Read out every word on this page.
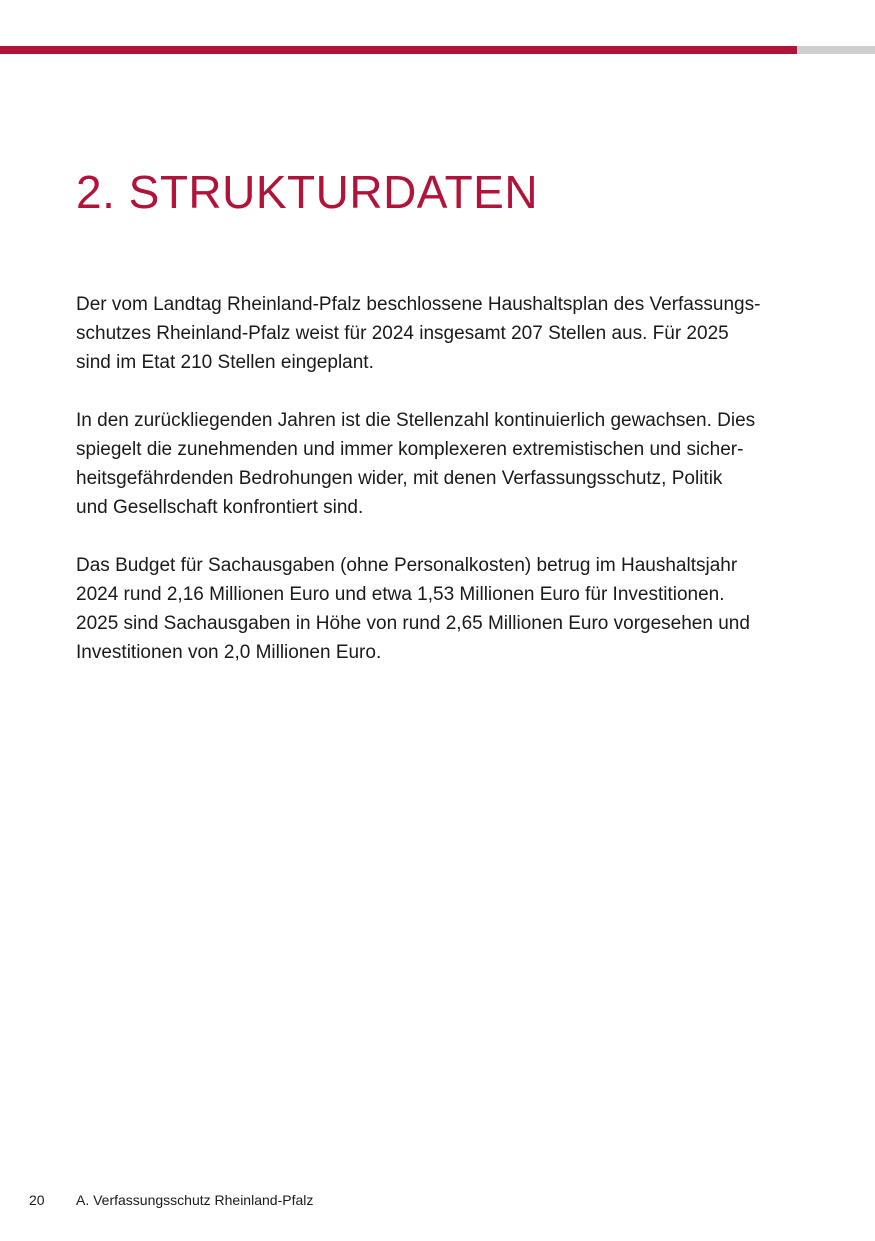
2. STRUKTURDATEN

Der vom Landtag Rheinland-Pfalz beschlossene Haushaltsplan des Verfassungs-
schutzes Rheinland-Pfalz weist für 2024 insgesamt 207 Stellen aus. Für 2025
sind im Etat 210 Stellen eingeplant.

In den zurückliegenden Jahren ist die Stellenzahl kontinuierlich gewachsen. Dies
spiegelt die zunehmenden und immer komplexeren extremistischen und sicher-
heitsgefährdenden Bedrohungen wider, mit denen Verfassungsschutz, Politik
und Gesellschaft konfrontiert sind.

Das Budget für Sachausgaben (ohne Personalkosten) betrug im Haushaltsjahr
2024 rund 2,16 Millionen Euro und etwa 1,53 Millionen Euro für Investitionen.
2025 sind Sachausgaben in Höhe von rund 2,65 Millionen Euro vorgesehen und
Investitionen von 2,0 Millionen Euro.

20 A. Verfassungsschutz Rheinland-Pfalz
